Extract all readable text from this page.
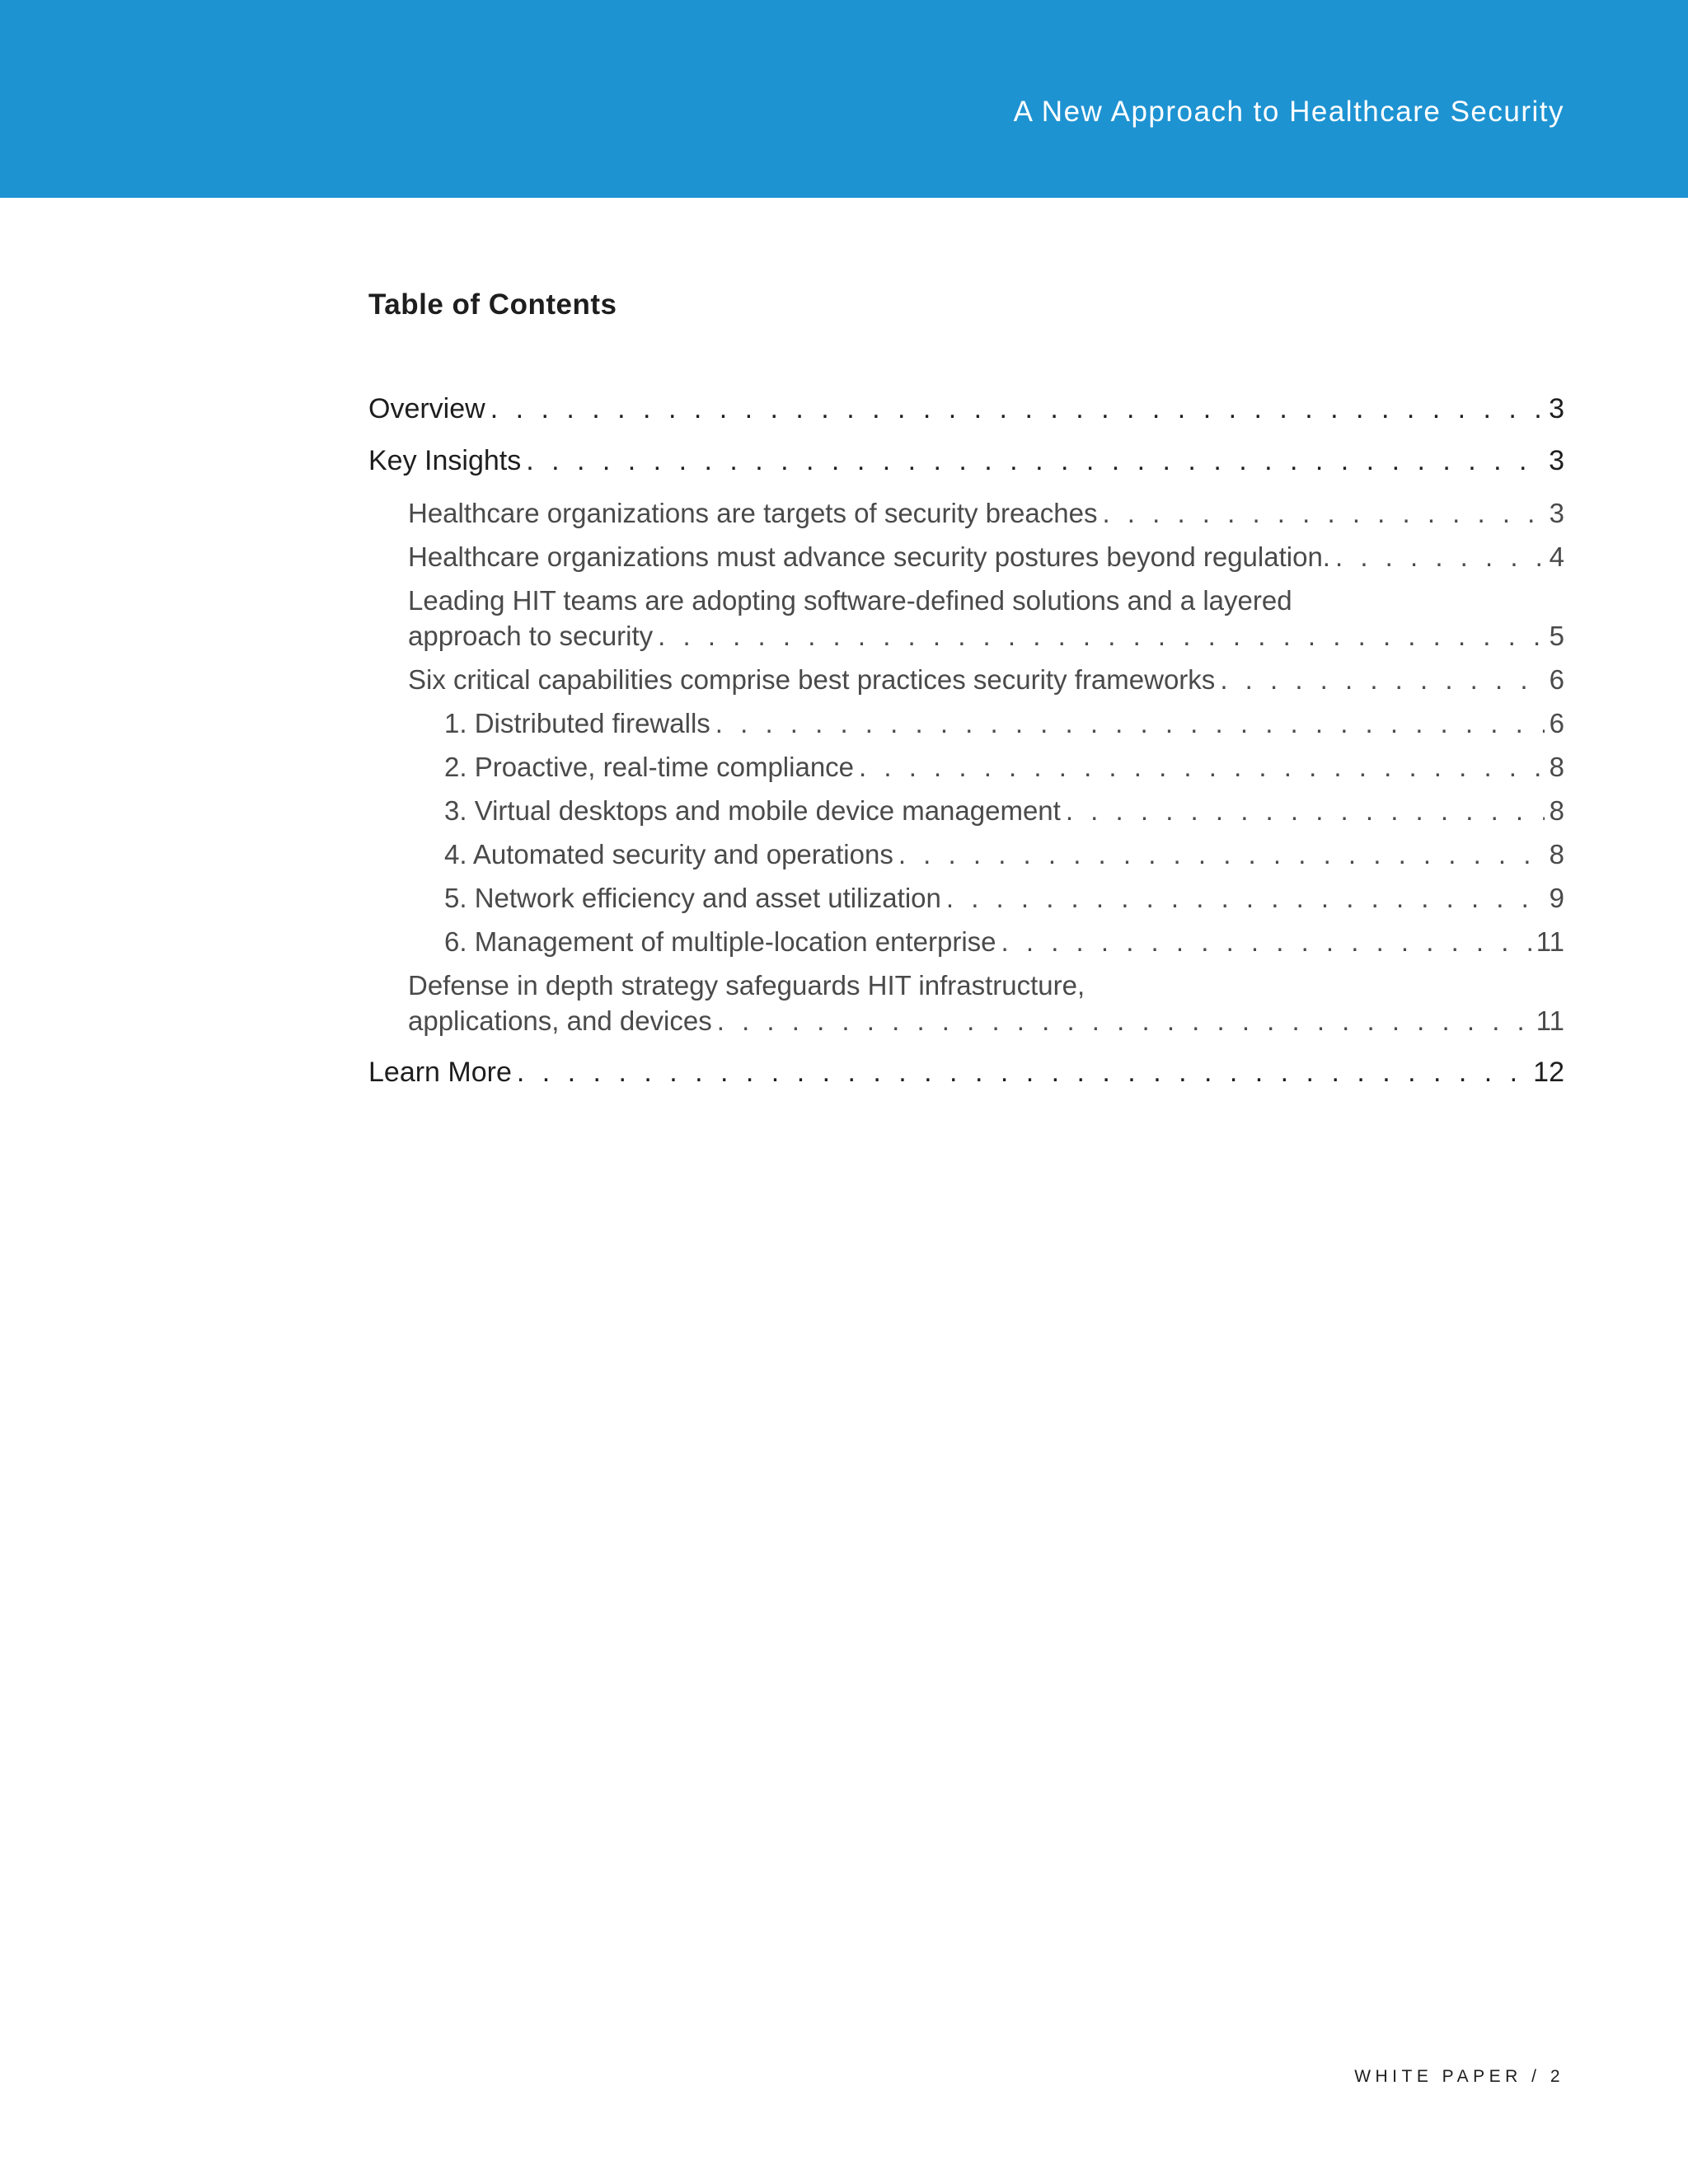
A New Approach to Healthcare Security
Table of Contents
Overview . . .	3
Key Insights . . .	3
Healthcare organizations are targets of security breaches . . .	3
Healthcare organizations must advance security postures beyond regulation. . . .	4
Leading HIT teams are adopting software-defined solutions and a layered
approach to security . . .	5
Six critical capabilities comprise best practices security frameworks . . .	6
1. Distributed firewalls . . .	6
2. Proactive, real-time compliance . . .	8
3. Virtual desktops and mobile device management . . .	8
4. Automated security and operations . . .	8
5. Network efficiency and asset utilization . . .	9
6. Management of multiple-location enterprise . . .	11
Defense in depth strategy safeguards HIT infrastructure,
applications, and devices . . .	11
Learn More . . .	12
WHITE PAPER / 2
